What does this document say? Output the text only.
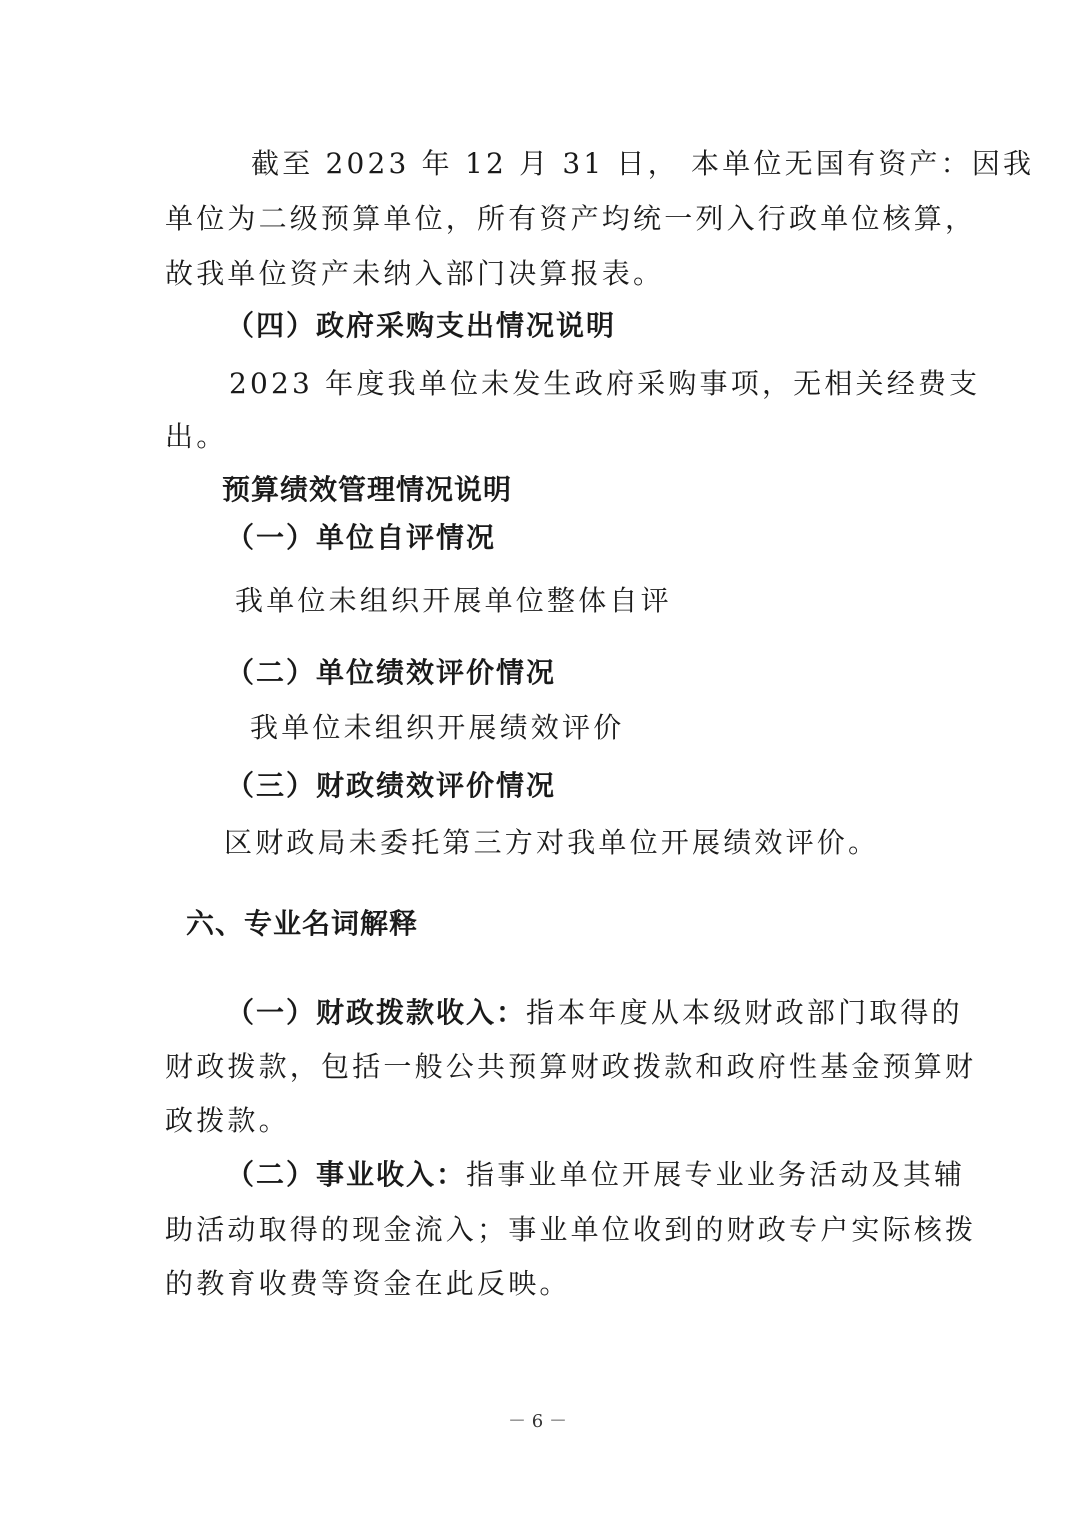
截至 2023 年 12 月 31 日， 本单位无国有资产：因我
单位为二级预算单位，所有资产均统一列入行政单位核算，
故我单位资产未纳入部门决算报表。
（四）政府采购支出情况说明
2023 年度我单位未发生政府采购事项，无相关经费支
出。
预算绩效管理情况说明
（一）单位自评情况
我单位未组织开展单位整体自评
（二）单位绩效评价情况
我单位未组织开展绩效评价
（三）财政绩效评价情况
区财政局未委托第三方对我单位开展绩效评价。
六、专业名词解释
（一）财政拨款收入：指本年度从本级财政部门取得的
财政拨款，包括一般公共预算财政拨款和政府性基金预算财
政拨款。
（二）事业收入：指事业单位开展专业业务活动及其辅
助活动取得的现金流入；事业单位收到的财政专户实际核拨
的教育收费等资金在此反映。
－ 6 －
